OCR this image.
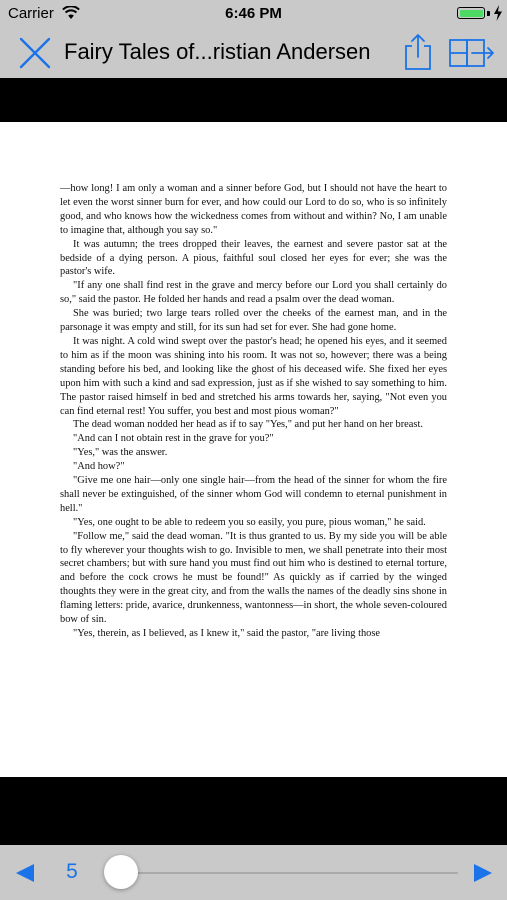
Carrier	6:46 PM
Fairy Tales of...ristian Andersen

—how long! I am only a woman and a sinner before God, but I should not have the heart to let even the worst sinner burn for ever, and how could our Lord to do so, who is so infinitely good, and who knows how the wickedness comes from without and within? No, I am unable to imagine that, although you say so."

It was autumn; the trees dropped their leaves, the earnest and severe pastor sat at the bedside of a dying person. A pious, faithful soul closed her eyes for ever; she was the pastor's wife.

"If any one shall find rest in the grave and mercy before our Lord you shall certainly do so," said the pastor. He folded her hands and read a psalm over the dead woman.

She was buried; two large tears rolled over the cheeks of the earnest man, and in the parsonage it was empty and still, for its sun had set for ever. She had gone home.

It was night. A cold wind swept over the pastor's head; he opened his eyes, and it seemed to him as if the moon was shining into his room. It was not so, however; there was a being standing before his bed, and looking like the ghost of his deceased wife. She fixed her eyes upon him with such a kind and sad expression, just as if she wished to say something to him. The pastor raised himself in bed and stretched his arms towards her, saying, "Not even you can find eternal rest! You suffer, you best and most pious woman?"

The dead woman nodded her head as if to say "Yes," and put her hand on her breast.

"And can I not obtain rest in the grave for you?"

"Yes," was the answer.

"And how?"

"Give me one hair—only one single hair—from the head of the sinner for whom the fire shall never be extinguished, of the sinner whom God will condemn to eternal punishment in hell."

"Yes, one ought to be able to redeem you so easily, you pure, pious woman," he said.

"Follow me," said the dead woman. "It is thus granted to us. By my side you will be able to fly wherever your thoughts wish to go. Invisible to men, we shall penetrate into their most secret chambers; but with sure hand you must find out him who is destined to eternal torture, and before the cock crows he must be found!" As quickly as if carried by the winged thoughts they were in the great city, and from the walls the names of the deadly sins shone in flaming letters: pride, avarice, drunkenness, wantonness—in short, the whole seven-coloured bow of sin.

"Yes, therein, as I believed, as I knew it," said the pastor, "are living those

5
